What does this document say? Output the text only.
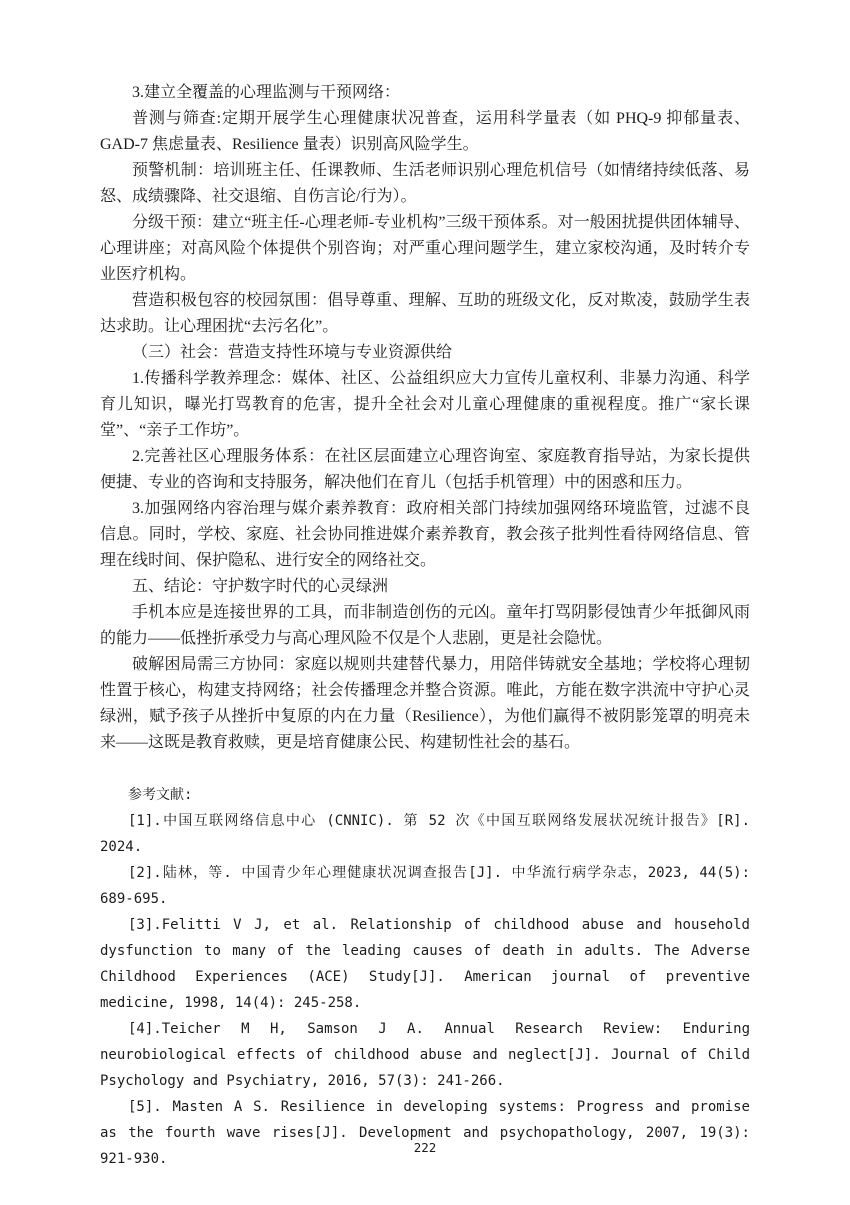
3.建立全覆盖的心理监测与干预网络：

普测与筛查:定期开展学生心理健康状况普查，运用科学量表（如 PHQ-9 抑郁量表、GAD-7 焦虑量表、Resilience 量表）识别高风险学生。

预警机制：培训班主任、任课教师、生活老师识别心理危机信号（如情绪持续低落、易怒、成绩骤降、社交退缩、自伤言论/行为）。

分级干预：建立“班主任-心理老师-专业机构”三级干预体系。对一般困扰提供团体辅导、心理讲座；对高风险个体提供个别咨询；对严重心理问题学生，建立家校沟通，及时转介专业医疗机构。

营造积极包容的校园氛围：倡导尊重、理解、互助的班级文化，反对欺凌，鼓励学生表达求助。让心理困扰“去污名化”。

（三）社会：营造支持性环境与专业资源供给

1.传播科学教养理念：媒体、社区、公益组织应大力宣传儿童权利、非暴力沟通、科学育儿知识，曝光打骂教育的危害，提升全社会对儿童心理健康的重视程度。推广“家长课堂”、“亲子工作坊”。

2.完善社区心理服务体系：在社区层面建立心理咨询室、家庭教育指导站，为家长提供便捷、专业的咨询和支持服务，解决他们在育儿（包括手机管理）中的困惑和压力。

3.加强网络内容治理与媒介素养教育：政府相关部门持续加强网络环境监管，过滤不良信息。同时，学校、家庭、社会协同推进媒介素养教育，教会孩子批判性看待网络信息、管理在线时间、保护隐私、进行安全的网络社交。

五、结论：守护数字时代的心灵绿洲

手机本应是连接世界的工具，而非制造创伤的元凶。童年打骂阴影侵蚀青少年抵御风雨的能力——低挫折承受力与高心理风险不仅是个人悲剧，更是社会隐忧。

破解困局需三方协同：家庭以规则共建替代暴力，用陪伴铸就安全基地；学校将心理韧性置于核心，构建支持网络；社会传播理念并整合资源。唯此，方能在数字洪流中守护心灵绿洲，赋予孩子从挫折中复原的内在力量（Resilience），为他们赢得不被阴影笼罩的明亮未来——这既是教育救赎，更是培育健康公民、构建韧性社会的基石。

参考文献:

[1].中国互联网络信息中心 (CNNIC). 第 52 次《中国互联网络发展状况统计报告》[R]. 2024.

[2].陆林，等. 中国青少年心理健康状况调查报告[J]. 中华流行病学杂志，2023, 44(5): 689-695.

[3].Felitti V J, et al. Relationship of childhood abuse and household dysfunction to many of the leading causes of death in adults. The Adverse Childhood Experiences (ACE) Study[J]. American journal of preventive medicine, 1998, 14(4): 245-258.

[4].Teicher M H, Samson J A. Annual Research Review: Enduring neurobiological effects of childhood abuse and neglect[J]. Journal of Child Psychology and Psychiatry, 2016, 57(3): 241-266.

[5]. Masten A S. Resilience in developing systems: Progress and promise as the fourth wave rises[J]. Development and psychopathology, 2007, 19(3): 921-930.

222
